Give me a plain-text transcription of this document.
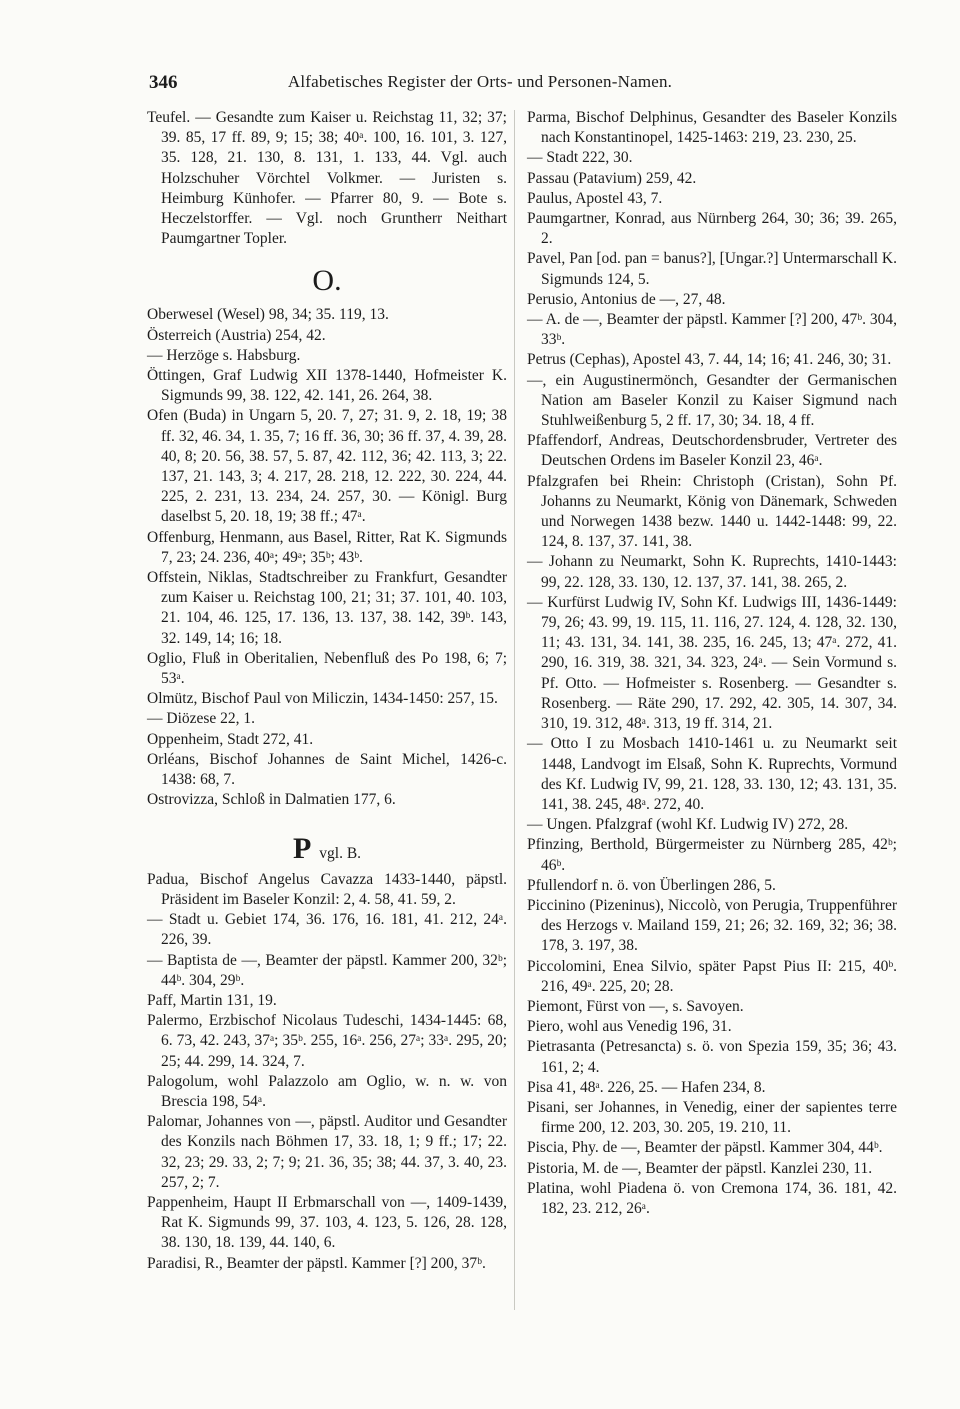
346	Alfabetisches Register der Orts- und Personen-Namen.

Teufel. — Gesandte zum Kaiser u. Reichstag 11, 32; 37; 39. 85, 17 ff. 89, 9; 15; 38; 40ᵃ. 100, 16. 101, 3. 127, 35. 128, 21. 130, 8. 131, 1. 133, 44. Vgl. auch Holzschuher Vörchtel Volkmer. — Juristen s. Heimburg Künhofer. — Pfarrer 80, 9. — Bote s. Heczelstorffer. — Vgl. noch Gruntherr Neithart Paumgartner Topler.

O.

Oberwesel (Wesel) 98, 34; 35. 119, 13.

Österreich (Austria) 254, 42.

— Herzöge s. Habsburg.

Öttingen, Graf Ludwig XII 1378-1440, Hofmeister K. Sigmunds 99, 38. 122, 42. 141, 26. 264, 38.

Ofen (Buda) in Ungarn 5, 20. 7, 27; 31. 9, 2. 18, 19; 38 ff. 32, 46. 34, 1. 35, 7; 16 ff. 36, 30; 36 ff. 37, 4. 39, 28. 40, 8; 20. 56, 38. 57, 5. 87, 42. 112, 36; 42. 113, 3; 22. 137, 21. 143, 3; 4. 217, 28. 218, 12. 222, 30. 224, 44. 225, 2. 231, 13. 234, 24. 257, 30. — Königl. Burg daselbst 5, 20. 18, 19; 38 ff.; 47ᵃ.

Offenburg, Henmann, aus Basel, Ritter, Rat K. Sigmunds 7, 23; 24. 236, 40ᵃ; 49ᵃ; 35ᵇ; 43ᵇ.

Offstein, Niklas, Stadtschreiber zu Frankfurt, Gesandter zum Kaiser u. Reichstag 100, 21; 31; 37. 101, 40. 103, 21. 104, 46. 125, 17. 136, 13. 137, 38. 142, 39ᵇ. 143, 32. 149, 14; 16; 18.

Oglio, Fluß in Oberitalien, Nebenfluß des Po 198, 6; 7; 53ᵃ.

Olmütz, Bischof Paul von Miliczin, 1434-1450: 257, 15.

— Diözese 22, 1.

Oppenheim, Stadt 272, 41.

Orléans, Bischof Johannes de Saint Michel, 1426-c. 1438: 68, 7.

Ostrovizza, Schloß in Dalmatien 177, 6.

Pvgl. B.

Padua, Bischof Angelus Cavazza 1433-1440, päpstl. Präsident im Baseler Konzil: 2, 4. 58, 41. 59, 2.

— Stadt u. Gebiet 174, 36. 176, 16. 181, 41. 212, 24ᵃ. 226, 39.

— Baptista de —, Beamter der päpstl. Kammer 200, 32ᵇ; 44ᵇ. 304, 29ᵇ.

Paff, Martin 131, 19.

Palermo, Erzbischof Nicolaus Tudeschi, 1434-1445: 68, 6. 73, 42. 243, 37ᵃ; 35ᵇ. 255, 16ᵃ. 256, 27ᵃ; 33ᵃ. 295, 20; 25; 44. 299, 14. 324, 7.

Palogolum, wohl Palazzolo am Oglio, w. n. w. von Brescia 198, 54ᵃ.

Palomar, Johannes von —, päpstl. Auditor und Gesandter des Konzils nach Böhmen 17, 33. 18, 1; 9 ff.; 17; 22. 32, 23; 29. 33, 2; 7; 9; 21. 36, 35; 38; 44. 37, 3. 40, 23. 257, 2; 7.

Pappenheim, Haupt II Erbmarschall von —, 1409-1439, Rat K. Sigmunds 99, 37. 103, 4. 123, 5. 126, 28. 128, 38. 130, 18. 139, 44. 140, 6.

Paradisi, R., Beamter der päpstl. Kammer [?] 200, 37ᵇ.

Parma, Bischof Delphinus, Gesandter des Baseler Konzils nach Konstantinopel, 1425-1463: 219, 23. 230, 25.

— Stadt 222, 30.

Passau (Patavium) 259, 42.

Paulus, Apostel 43, 7.

Paumgartner, Konrad, aus Nürnberg 264, 30; 36; 39. 265, 2.

Pavel, Pan [od. pan = banus?], [Ungar.?] Untermarschall K. Sigmunds 124, 5.

Perusio, Antonius de —, 27, 48.

— A. de —, Beamter der päpstl. Kammer [?] 200, 47ᵇ. 304, 33ᵇ.

Petrus (Cephas), Apostel 43, 7. 44, 14; 16; 41. 246, 30; 31.

—, ein Augustinermönch, Gesandter der Germanischen Nation am Baseler Konzil zu Kaiser Sigmund nach Stuhlweißenburg 5, 2 ff. 17, 30; 34. 18, 4 ff.

Pfaffendorf, Andreas, Deutschordensbruder, Vertreter des Deutschen Ordens im Baseler Konzil 23, 46ᵃ.

Pfalzgrafen bei Rhein: Christoph (Cristan), Sohn Pf. Johanns zu Neumarkt, König von Dänemark, Schweden und Norwegen 1438 bezw. 1440 u. 1442-1448: 99, 22. 124, 8. 137, 37. 141, 38.

— Johann zu Neumarkt, Sohn K. Ruprechts, 1410-1443: 99, 22. 128, 33. 130, 12. 137, 37. 141, 38. 265, 2.

— Kurfürst Ludwig IV, Sohn Kf. Ludwigs III, 1436-1449: 79, 26; 43. 99, 19. 115, 11. 116, 27. 124, 4. 128, 32. 130, 11; 43. 131, 34. 141, 38. 235, 16. 245, 13; 47ᵃ. 272, 41. 290, 16. 319, 38. 321, 34. 323, 24ᵃ. — Sein Vormund s. Pf. Otto. — Hofmeister s. Rosenberg. — Gesandter s. Rosenberg. — Räte 290, 17. 292, 42. 305, 14. 307, 34. 310, 19. 312, 48ᵃ. 313, 19 ff. 314, 21.

— Otto I zu Mosbach 1410-1461 u. zu Neumarkt seit 1448, Landvogt im Elsaß, Sohn K. Ruprechts, Vormund des Kf. Ludwig IV, 99, 21. 128, 33. 130, 12; 43. 131, 35. 141, 38. 245, 48ᵃ. 272, 40.

— Ungen. Pfalzgraf (wohl Kf. Ludwig IV) 272, 28.

Pfinzing, Berthold, Bürgermeister zu Nürnberg 285, 42ᵇ; 46ᵇ.

Pfullendorf n. ö. von Überlingen 286, 5.

Piccinino (Pizeninus), Niccolò, von Perugia, Truppenführer des Herzogs v. Mailand 159, 21; 26; 32. 169, 32; 36; 38. 178, 3. 197, 38.

Piccolomini, Enea Silvio, später Papst Pius II: 215, 40ᵇ. 216, 49ᵃ. 225, 20; 28.

Piemont, Fürst von —, s. Savoyen.

Piero, wohl aus Venedig 196, 31.

Pietrasanta (Petresancta) s. ö. von Spezia 159, 35; 36; 43. 161, 2; 4.

Pisa 41, 48ᵃ. 226, 25. — Hafen 234, 8.

Pisani, ser Johannes, in Venedig, einer der sapientes terre firme 200, 12. 203, 30. 205, 19. 210, 11.

Piscia, Phy. de —, Beamter der päpstl. Kammer 304, 44ᵇ.

Pistoria, M. de —, Beamter der päpstl. Kanzlei 230, 11.

Platina, wohl Piadena ö. von Cremona 174, 36. 181, 42. 182, 23. 212, 26ᵃ.
